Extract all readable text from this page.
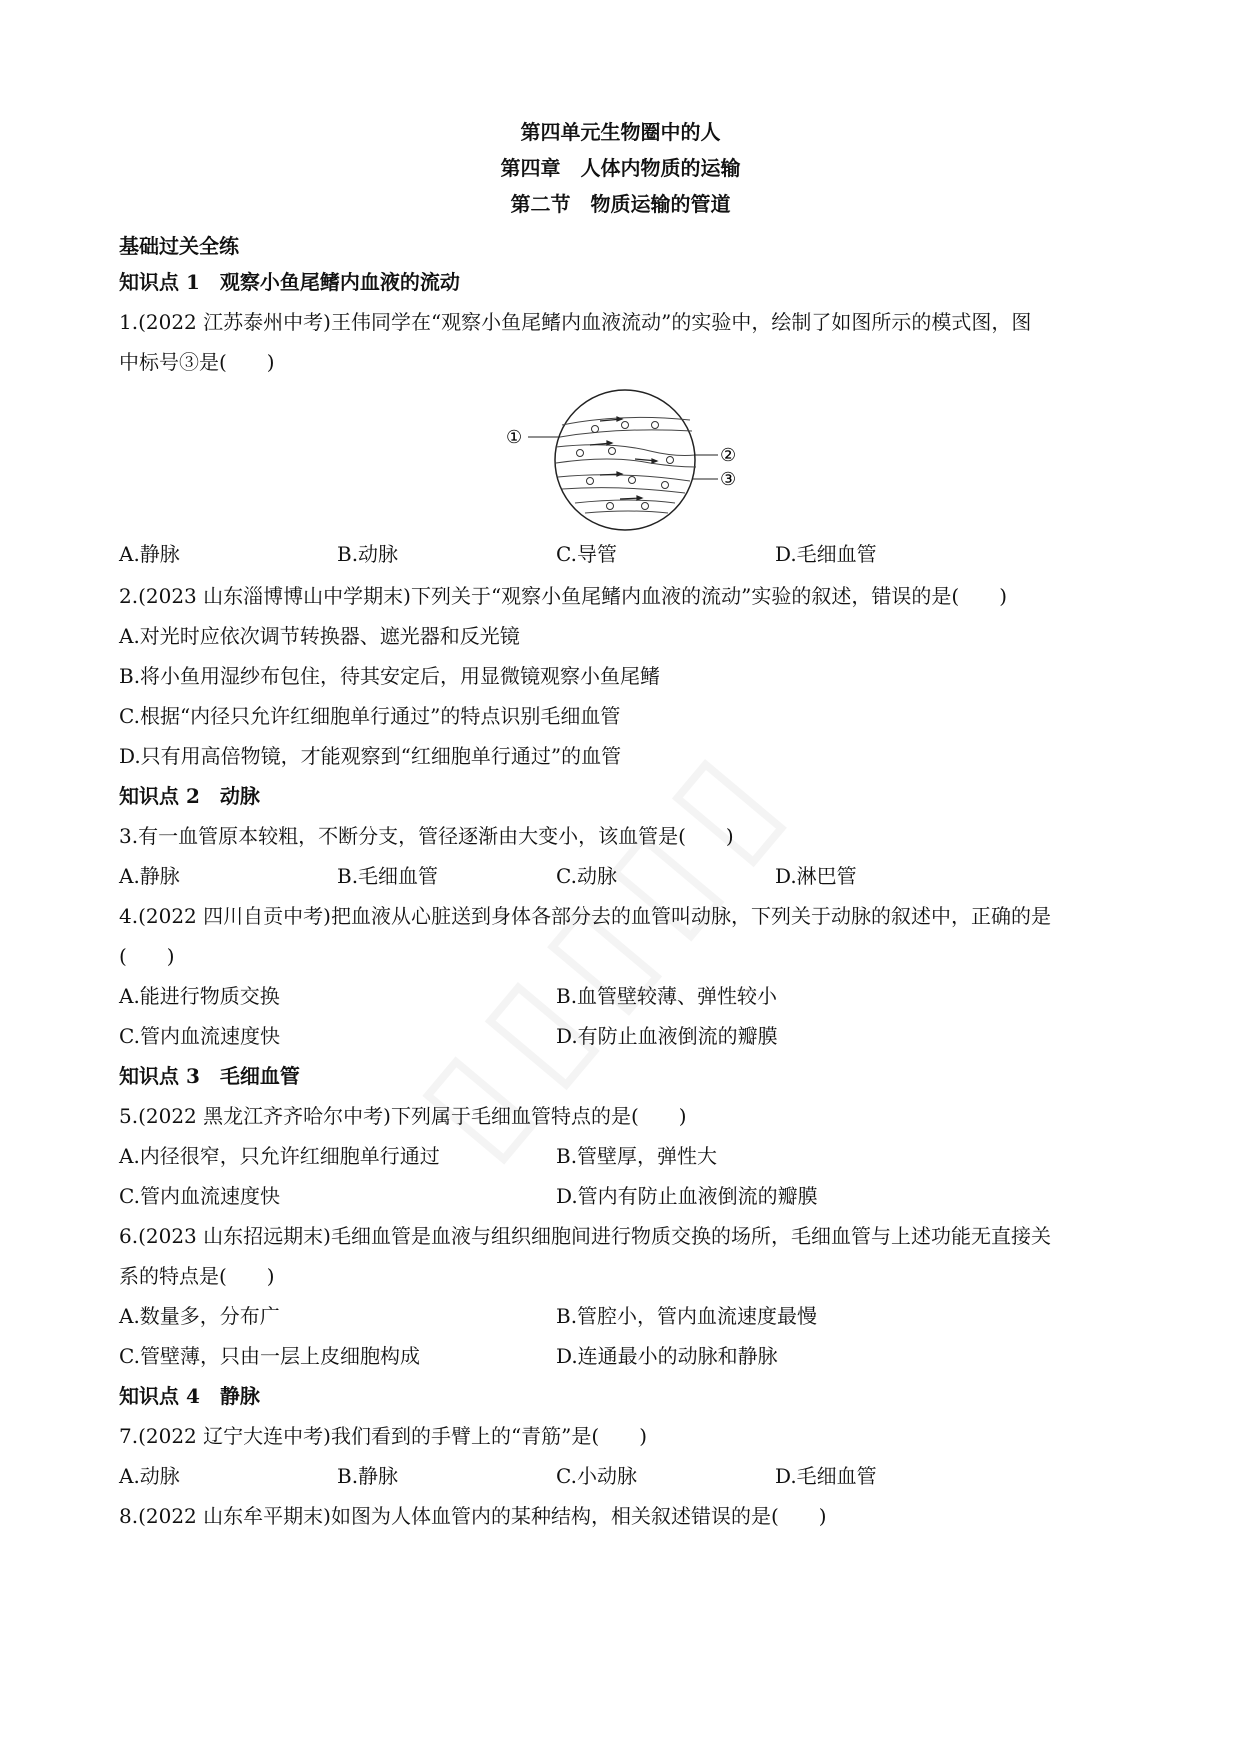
第四单元生物圈中的人
第四章　人体内物质的运输
第二节　物质运输的管道
基础过关全练
知识点 1　观察小鱼尾鳍内血液的流动
1.(2022 江苏泰州中考)王伟同学在“观察小鱼尾鳍内血液流动”的实验中，绘制了如图所示的模式图，图
中标号③是(　　)
①
②
③
A.静脉	B.动脉	C.导管	D.毛细血管
2.(2023 山东淄博博山中学期末)下列关于“观察小鱼尾鳍内血液的流动”实验的叙述，错误的是(　　)
A.对光时应依次调节转换器、遮光器和反光镜
B.将小鱼用湿纱布包住，待其安定后，用显微镜观察小鱼尾鳍
C.根据“内径只允许红细胞单行通过”的特点识别毛细血管
D.只有用高倍物镜，才能观察到“红细胞单行通过”的血管
知识点 2　动脉
3.有一血管原本较粗，不断分支，管径逐渐由大变小，该血管是(　　)
A.静脉	B.毛细血管	C.动脉	D.淋巴管
4.(2022 四川自贡中考)把血液从心脏送到身体各部分去的血管叫动脉，下列关于动脉的叙述中，正确的是
(　　)
A.能进行物质交换	B.血管壁较薄、弹性较小
C.管内血流速度快	D.有防止血液倒流的瓣膜
知识点 3　毛细血管
5.(2022 黑龙江齐齐哈尔中考)下列属于毛细血管特点的是(　　)
A.内径很窄，只允许红细胞单行通过	B.管壁厚，弹性大
C.管内血流速度快	D.管内有防止血液倒流的瓣膜
6.(2023 山东招远期末)毛细血管是血液与组织细胞间进行物质交换的场所，毛细血管与上述功能无直接关
系的特点是(　　)
A.数量多，分布广	B.管腔小，管内血流速度最慢
C.管壁薄，只由一层上皮细胞构成	D.连通最小的动脉和静脉
知识点 4　静脉
7.(2022 辽宁大连中考)我们看到的手臂上的“青筋”是(　　)
A.动脉	B.静脉	C.小动脉	D.毛细血管
8.(2022 山东牟平期末)如图为人体血管内的某种结构，相关叙述错误的是(　　)
